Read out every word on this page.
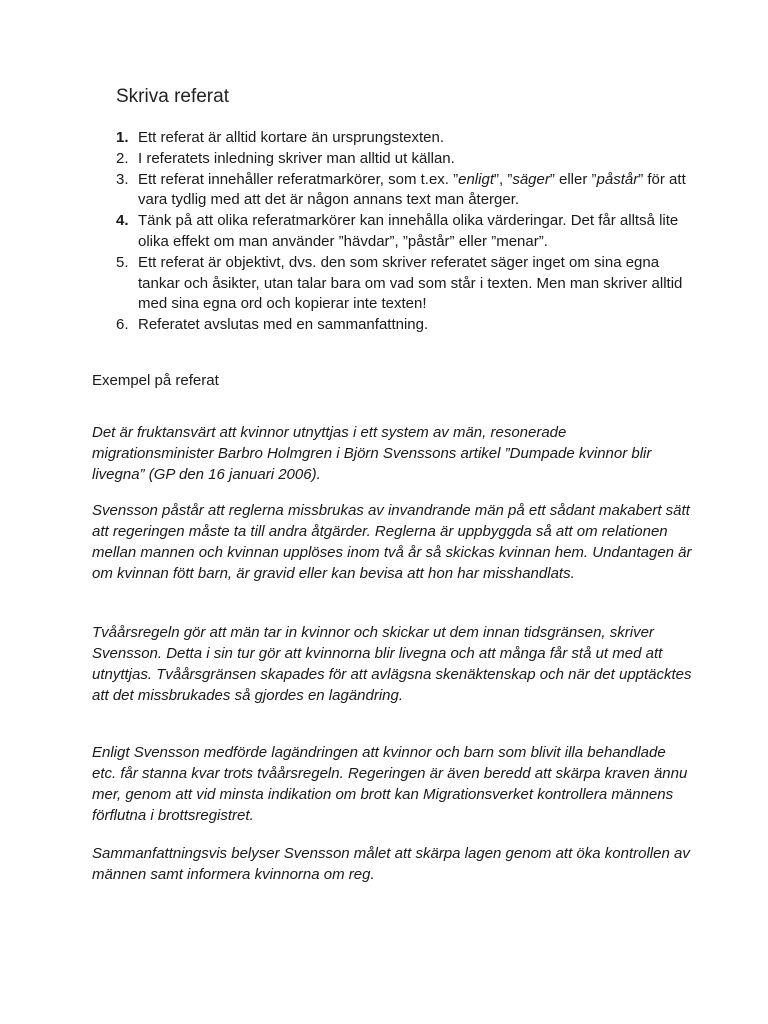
Skriva referat
1. Ett referat är alltid kortare än ursprungstexten.
2. I referatets inledning skriver man alltid ut källan.
3. Ett referat innehåller referatmarkörer, som t.ex. ”enligt”, ”säger” eller ”påstår” för att vara tydlig med att det är någon annans text man återger.
4. Tänk på att olika referatmarkörer kan innehålla olika värderingar. Det får alltså lite olika effekt om man använder ”hävdar”, ”påstår” eller ”menar”.
5. Ett referat är objektivt, dvs. den som skriver referatet säger inget om sina egna tankar och åsikter, utan talar bara om vad som står i texten. Men man skriver alltid med sina egna ord och kopierar inte texten!
6. Referatet avslutas med en sammanfattning.
Exempel på referat

Det är fruktansvärt att kvinnor utnyttjas i ett system av män, resonerade migrationsminister Barbro Holmgren i Björn Svenssons artikel ”Dumpade kvinnor blir livegna” (GP den 16 januari 2006).

Svensson påstår att reglerna missbrukas av invandrande män på ett sådant makabert sätt att regeringen måste ta till andra åtgärder. Reglerna är uppbyggda så att om relationen mellan mannen och kvinnan upplöses inom två år så skickas kvinnan hem. Undantagen är om kvinnan fött barn, är gravid eller kan bevisa att hon har misshandlats.

Tvåårsregeln gör att män tar in kvinnor och skickar ut dem innan tidsgränsen, skriver Svensson. Detta i sin tur gör att kvinnorna blir livegna och att många får stå ut med att utnyttjas. Tvåårsgränsen skapades för att avlägsna skenäktenskap och när det upptäcktes att det missbrukades så gjordes en lagändring.

Enligt Svensson medförde lagändringen att kvinnor och barn som blivit illa behandlade etc. får stanna kvar trots tvåårsregeln. Regeringen är även beredd att skärpa kraven ännu mer, genom att vid minsta indikation om brott kan Migrationsverket kontrollera männens förflutna i brottsregistret.

Sammanfattningsvis belyser Svensson målet att skärpa lagen genom att öka kontrollen av männen samt informera kvinnorna om reg.
